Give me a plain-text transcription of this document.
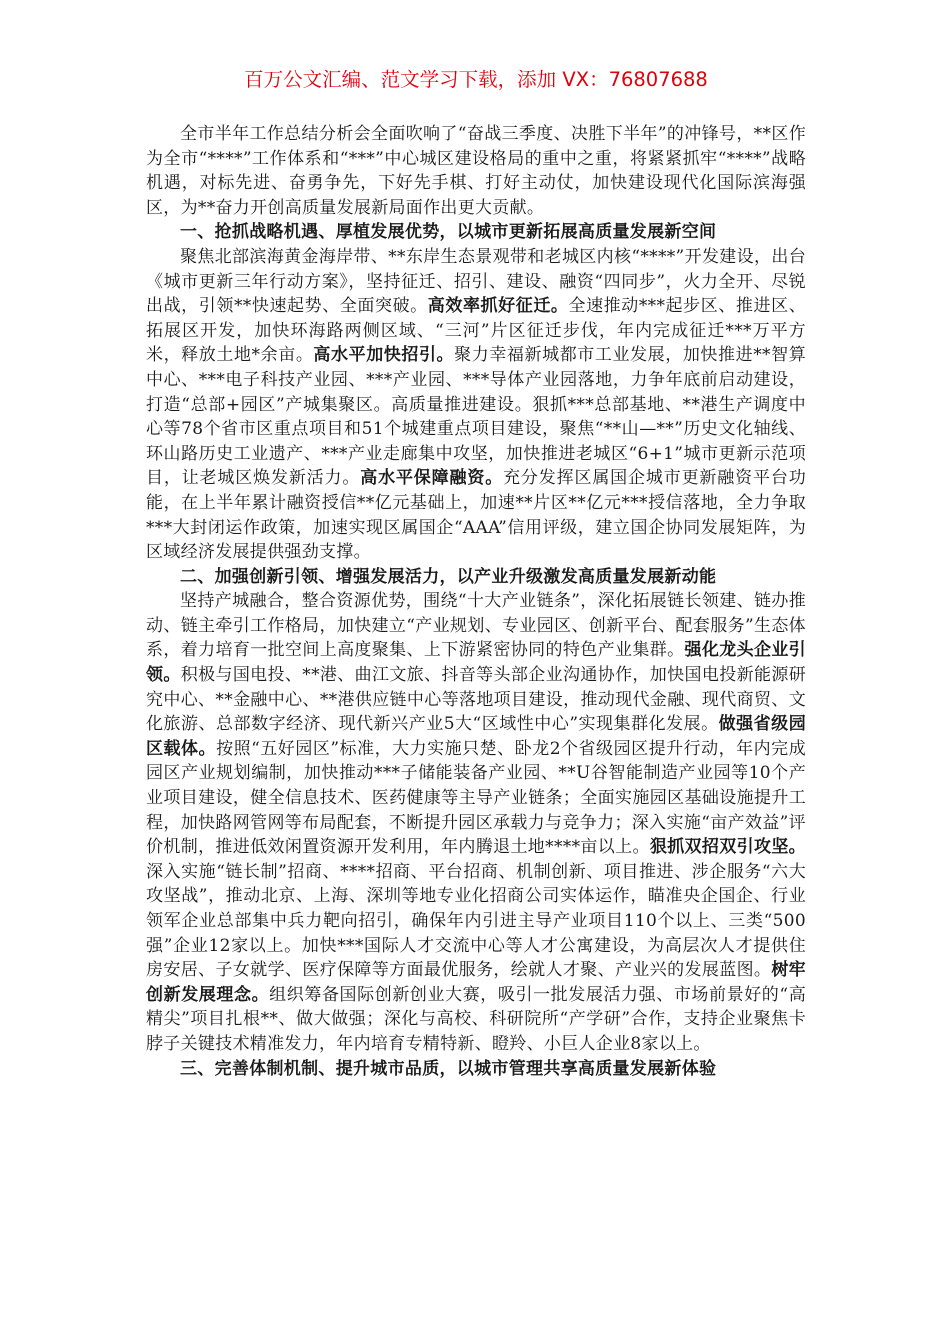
百万公文汇编、范文学习下载，添加 VX：76807688

全市半年工作总结分析会全面吹响了“奋战三季度、决胜下半年”的冲锋号，**区作为全市“****”工作体系和“***”中心城区建设格局的重中之重，将紧紧抓牢“****”战略机遇，对标先进、奋勇争先，下好先手棋、打好主动仗，加快建设现代化国际滨海强区，为**奋力开创高质量发展新局面作出更大贡献。

一、抢抓战略机遇、厚植发展优势，以城市更新拓展高质量发展新空间

聚焦北部滨海黄金海岸带、**东岸生态景观带和老城区内核“****”开发建设，出台《城市更新三年行动方案》，坚持征迁、招引、建设、融资“四同步”，火力全开、尽锐出战，引领**快速起势、全面突破。高效率抓好征迁。全速推动***起步区、推进区、拓展区开发，加快环海路两侧区域、“三河”片区征迁步伐，年内完成征迁***万平方米，释放土地*余亩。高水平加快招引。聚力幸福新城都市工业发展，加快推进**智算中心、***电子科技产业园、***产业园、***导体产业园落地，力争年底前启动建设，打造“总部+园区”产城集聚区。高质量推进建设。狠抓***总部基地、**港生产调度中心等78个省市区重点项目和51个城建重点项目建设，聚焦“**山—**”历史文化轴线、环山路历史工业遗产、***产业走廊集中攻坚，加快推进老城区“6+1”城市更新示范项目，让老城区焕发新活力。高水平保障融资。充分发挥区属国企城市更新融资平台功能，在上半年累计融资授信**亿元基础上，加速**片区**亿元***授信落地，全力争取***大封闭运作政策，加速实现区属国企“AAA”信用评级，建立国企协同发展矩阵，为区域经济发展提供强劲支撑。

二、加强创新引领、增强发展活力，以产业升级激发高质量发展新动能

坚持产城融合，整合资源优势，围绕“十大产业链条”，深化拓展链长领建、链办推动、链主牵引工作格局，加快建立“产业规划、专业园区、创新平台、配套服务”生态体系，着力培育一批空间上高度聚集、上下游紧密协同的特色产业集群。强化龙头企业引领。积极与国电投、**港、曲江文旅、抖音等头部企业沟通协作，加快国电投新能源研究中心、**金融中心、**港供应链中心等落地项目建设，推动现代金融、现代商贸、文化旅游、总部数字经济、现代新兴产业5大“区域性中心”实现集群化发展。做强省级园区载体。按照“五好园区”标准，大力实施只楚、卧龙2个省级园区提升行动，年内完成园区产业规划编制，加快推动***子储能装备产业园、**U谷智能制造产业园等10个产业项目建设，健全信息技术、医药健康等主导产业链条；全面实施园区基础设施提升工程，加快路网管网等布局配套，不断提升园区承载力与竞争力；深入实施“亩产效益”评价机制，推进低效闲置资源开发利用，年内腾退土地****亩以上。狠抓双招双引攻坚。深入实施“链长制”招商、****招商、平台招商、机制创新、项目推进、涉企服务“六大攻坚战”，推动北京、上海、深圳等地专业化招商公司实体运作，瞄准央企国企、行业领军企业总部集中兵力靶向招引，确保年内引进主导产业项目110个以上、三类“500强”企业12家以上。加快***国际人才交流中心等人才公寓建设，为高层次人才提供住房安居、子女就学、医疗保障等方面最优服务，绘就人才聚、产业兴的发展蓝图。树牢创新发展理念。组织筹备国际创新创业大赛，吸引一批发展活力强、市场前景好的“高精尖”项目扎根**、做大做强；深化与高校、科研院所“产学研”合作，支持企业聚焦卡脖子关键技术精准发力，年内培育专精特新、瞪羚、小巨人企业8家以上。

三、完善体制机制、提升城市品质，以城市管理共享高质量发展新体验
